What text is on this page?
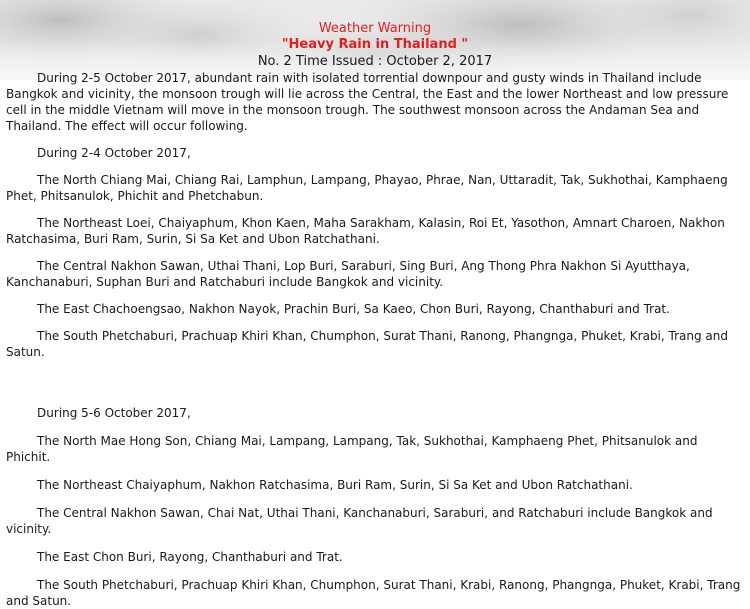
Weather Warning
"Heavy Rain in Thailand "
No. 2 Time Issued : October 2, 2017

During 2-5 October 2017, abundant rain with isolated torrential downpour and gusty winds in Thailand include Bangkok and vicinity, the monsoon trough will lie across the Central, the East and the lower Northeast and low pressure cell in the middle Vietnam will move in the monsoon trough. The southwest monsoon across the Andaman Sea and Thailand. The effect will occur following.

During 2-4 October 2017,

The North Chiang Mai, Chiang Rai, Lamphun, Lampang, Phayao, Phrae, Nan, Uttaradit, Tak, Sukhothai, Kamphaeng Phet, Phitsanulok, Phichit and Phetchabun.

The Northeast Loei, Chaiyaphum, Khon Kaen, Maha Sarakham, Kalasin, Roi Et, Yasothon, Amnart Charoen, Nakhon Ratchasima, Buri Ram, Surin, Si Sa Ket and Ubon Ratchathani.

The Central Nakhon Sawan, Uthai Thani, Lop Buri, Saraburi, Sing Buri, Ang Thong Phra Nakhon Si Ayutthaya, Kanchanaburi, Suphan Buri and Ratchaburi include Bangkok and vicinity.

The East Chachoengsao, Nakhon Nayok, Prachin Buri, Sa Kaeo, Chon Buri, Rayong, Chanthaburi and Trat.

The South Phetchaburi, Prachuap Khiri Khan, Chumphon, Surat Thani, Ranong, Phangnga, Phuket, Krabi, Trang and Satun.

During 5-6 October 2017,

The North Mae Hong Son, Chiang Mai, Lampang, Lampang, Tak, Sukhothai, Kamphaeng Phet, Phitsanulok and Phichit.

The Northeast Chaiyaphum, Nakhon Ratchasima, Buri Ram, Surin, Si Sa Ket and Ubon Ratchathani.

The Central Nakhon Sawan, Chai Nat, Uthai Thani, Kanchanaburi, Saraburi, and Ratchaburi include Bangkok and vicinity.

The East Chon Buri, Rayong, Chanthaburi and Trat.

The South Phetchaburi, Prachuap Khiri Khan, Chumphon, Surat Thani, Krabi, Ranong, Phangnga, Phuket, Krabi, Trang and Satun.
